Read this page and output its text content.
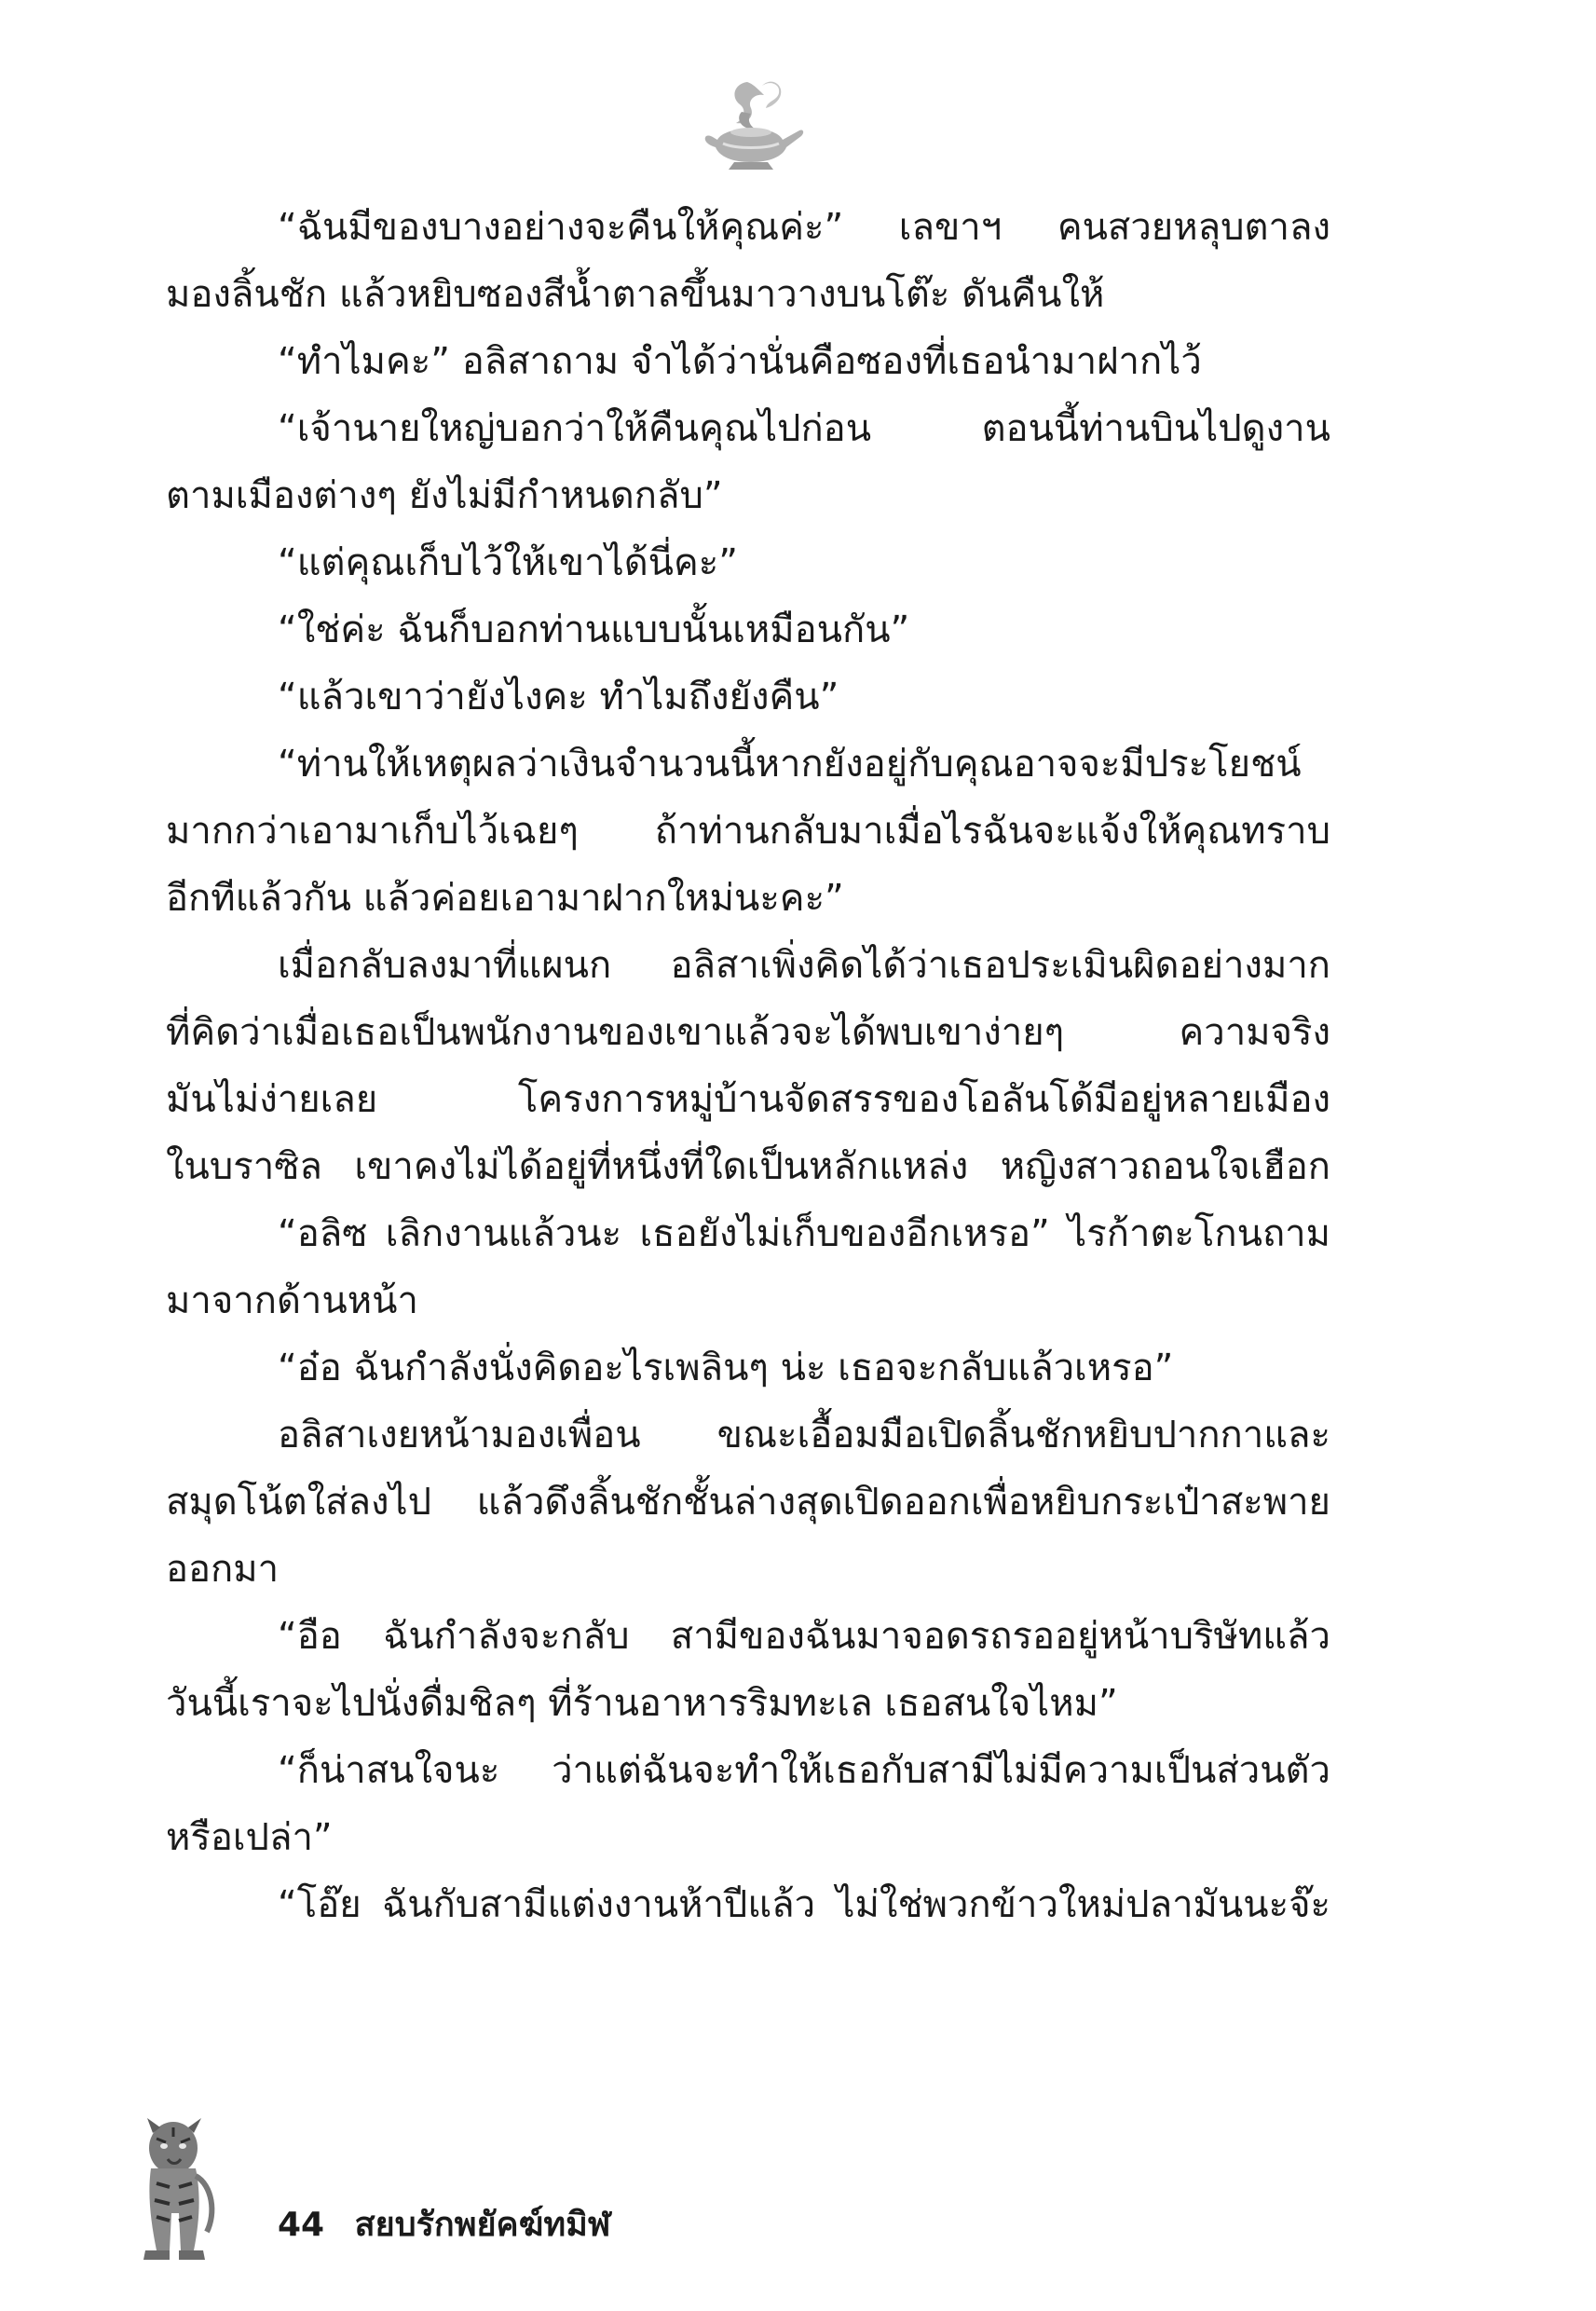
“ฉันมีของบางอย่างจะคืนให้คุณค่ะ” เลขาฯ คนสวยหลุบตาลง
มองลิ้นชัก แล้วหยิบซองสีน้ำตาลขึ้นมาวางบนโต๊ะ ดันคืนให้
“ทำไมคะ” อลิสาถาม จำได้ว่านั่นคือซองที่เธอนำมาฝากไว้
“เจ้านายใหญ่บอกว่าให้คืนคุณไปก่อน ตอนนี้ท่านบินไปดูงาน
ตามเมืองต่างๆ ยังไม่มีกำหนดกลับ”
“แต่คุณเก็บไว้ให้เขาได้นี่คะ”
“ใช่ค่ะ ฉันก็บอกท่านแบบนั้นเหมือนกัน”
“แล้วเขาว่ายังไงคะ ทำไมถึงยังคืน”
“ท่านให้เหตุผลว่าเงินจำนวนนี้หากยังอยู่กับคุณอาจจะมีประโยชน์
มากกว่าเอามาเก็บไว้เฉยๆ ถ้าท่านกลับมาเมื่อไรฉันจะแจ้งให้คุณทราบ
อีกทีแล้วกัน แล้วค่อยเอามาฝากใหม่นะคะ”
เมื่อกลับลงมาที่แผนก อลิสาเพิ่งคิดได้ว่าเธอประเมินผิดอย่างมาก
ที่คิดว่าเมื่อเธอเป็นพนักงานของเขาแล้วจะได้พบเขาง่ายๆ ความจริง
มันไม่ง่ายเลย โครงการหมู่บ้านจัดสรรของโอลันโด้มีอยู่หลายเมือง
ในบราซิล เขาคงไม่ได้อยู่ที่หนึ่งที่ใดเป็นหลักแหล่ง หญิงสาวถอนใจเฮือก
“อลิซ เลิกงานแล้วนะ เธอยังไม่เก็บของอีกเหรอ” ไรก้าตะโกนถาม
มาจากด้านหน้า
“อ๋อ ฉันกำลังนั่งคิดอะไรเพลินๆ น่ะ เธอจะกลับแล้วเหรอ”
อลิสาเงยหน้ามองเพื่อน ขณะเอื้อมมือเปิดลิ้นชักหยิบปากกาและ
สมุดโน้ตใส่ลงไป แล้วดึงลิ้นชักชั้นล่างสุดเปิดออกเพื่อหยิบกระเป๋าสะพาย
ออกมา
“อือ ฉันกำลังจะกลับ สามีของฉันมาจอดรถรออยู่หน้าบริษัทแล้ว
วันนี้เราจะไปนั่งดื่มชิลๆ ที่ร้านอาหารริมทะเล เธอสนใจไหม”
“ก็น่าสนใจนะ ว่าแต่ฉันจะทำให้เธอกับสามีไม่มีความเป็นส่วนตัว
หรือเปล่า”
“โอ๊ย ฉันกับสามีแต่งงานห้าปีแล้ว ไม่ใช่พวกข้าวใหม่ปลามันนะจ๊ะ
44 สยบรักพยัคฆ์ทมิฬ
